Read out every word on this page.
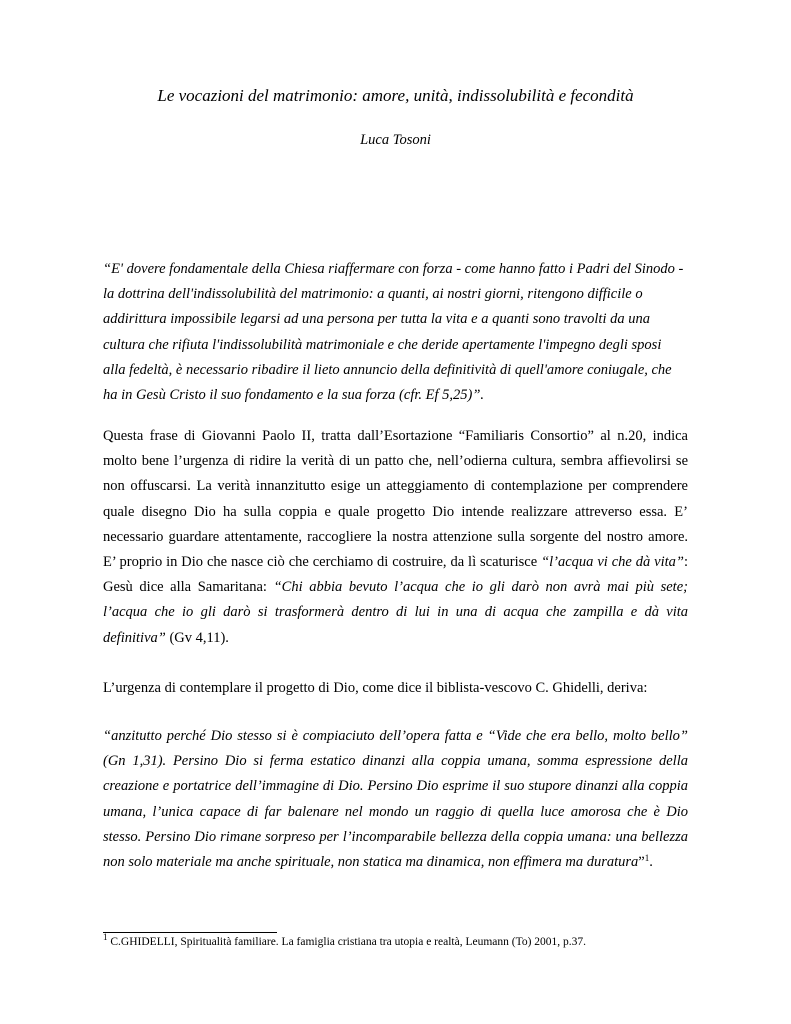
Le vocazioni del matrimonio: amore, unità, indissolubilità e fecondità
Luca Tosoni
“E' dovere fondamentale della Chiesa riaffermare con forza - come hanno fatto i Padri del Sinodo -
la dottrina dell'indissolubilità del matrimonio: a quanti, ai nostri giorni, ritengono difficile o
addirittura impossibile legarsi ad una persona per tutta la vita e a quanti sono travolti da una
cultura che rifiuta l'indissolubilità matrimoniale e che deride apertamente l'impegno degli sposi
alla fedeltà, è necessario ribadire il lieto annuncio della definitività di quell'amore coniugale, che
ha in Gesù Cristo il suo fondamento e la sua forza (cfr. Ef 5,25)”.
Questa frase di Giovanni Paolo II, tratta dall’Esortazione “Familiaris Consortio” al n.20, indica
molto bene l’urgenza di ridire la verità di un patto che, nell’odierna cultura, sembra affievolirsi se
non offuscarsi. La verità innanzitutto esige un atteggiamento di contemplazione per comprendere
quale disegno Dio ha sulla coppia e quale progetto Dio intende realizzare attreverso essa. E’
necessario guardare attentamente, raccogliere la nostra attenzione sulla sorgente del nostro amore.
E’ proprio in Dio che nasce ciò che cerchiamo di costruire, da lì scaturisce “l’acqua vi che dà vita”:
Gesù dice alla Samaritana: “Chi abbia bevuto l’acqua che io gli darò non avrà mai più sete;
l’acqua che io gli darò si trasformerà dentro di lui in una di acqua che zampilla e dà vita
definitiva” (Gv 4,11).
L’urgenza di contemplare il progetto di Dio, come dice il biblista-vescovo C. Ghidelli, deriva:
“anzitutto perché Dio stesso si è compiaciuto dell’opera fatta e “Vide che era bello, molto bello”
(Gn 1,31). Persino Dio si ferma estatico dinanzi alla coppia umana, somma espressione della
creazione e portatrice dell’immagine di Dio. Persino Dio esprime il suo stupore dinanzi alla coppia
umana, l’unica capace di far balenare nel mondo un raggio di quella luce amorosa che è Dio
stesso. Persino Dio rimane sorpreso per l’incomparabile bellezza della coppia umana: una bellezza
non solo materiale ma anche spirituale, non statica ma dinamica, non effimera ma duratura”$^1$.
$^1$ C.GHIDELLI, Spiritualità familiare. La famiglia cristiana tra utopia e realtà, Leumann (To) 2001, p.37.
